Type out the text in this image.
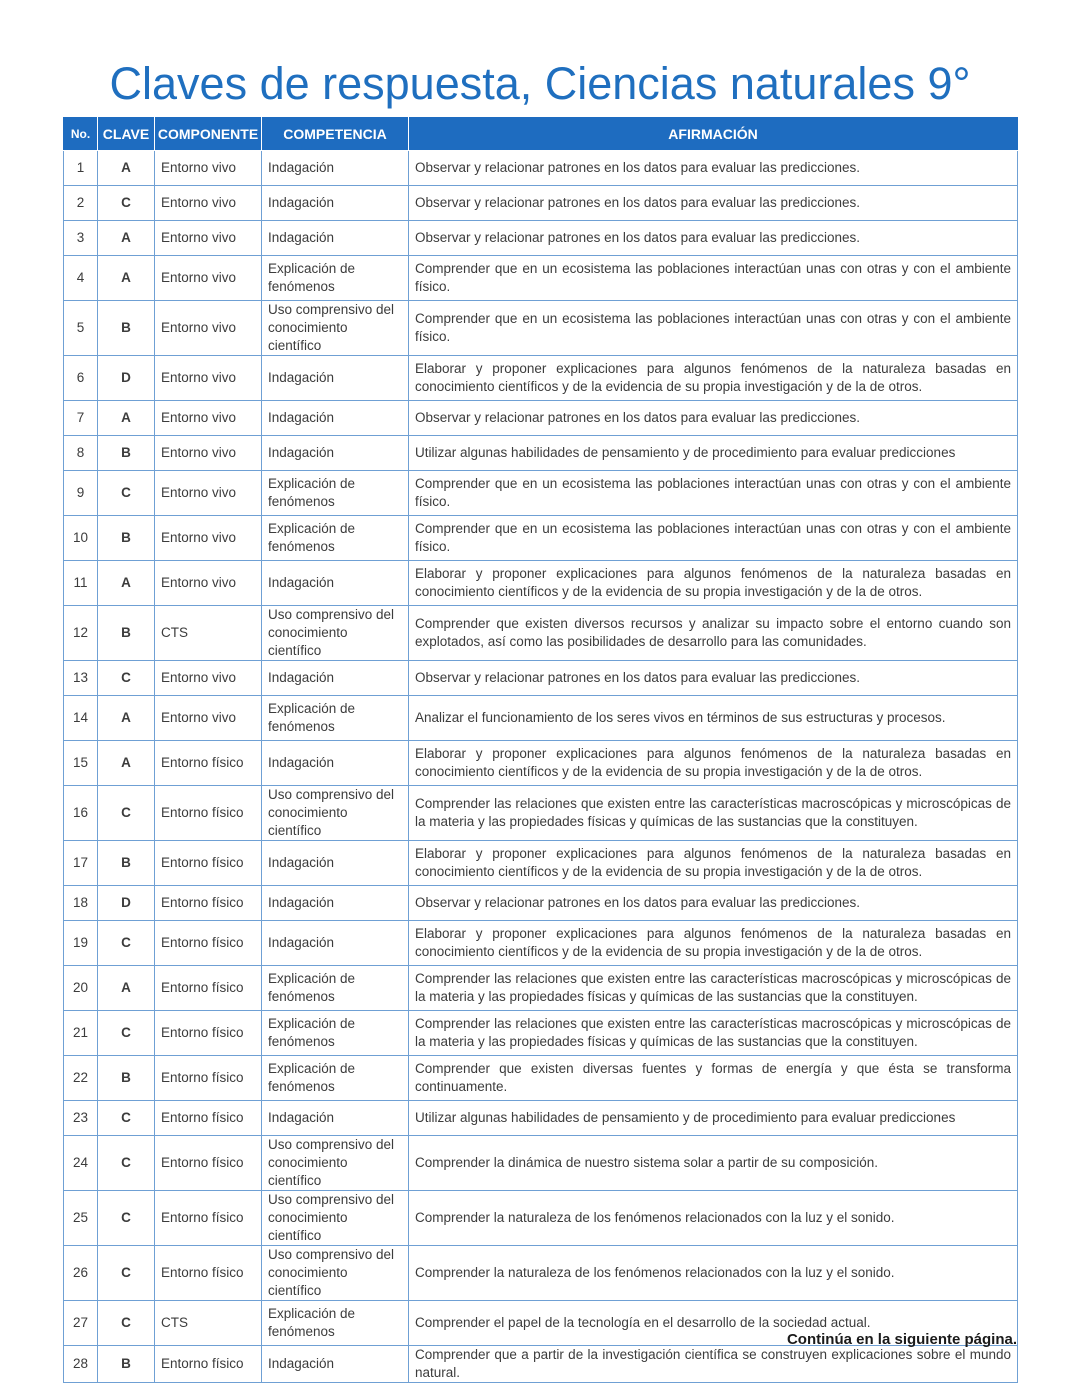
Claves de respuesta, Ciencias naturales 9°
No.	CLAVE	COMPONENTE	COMPETENCIA	AFIRMACIÓN
1	A	Entorno vivo	Indagación	Observar y relacionar patrones en los datos para evaluar las predicciones.
2	C	Entorno vivo	Indagación	Observar y relacionar patrones en los datos para evaluar las predicciones.
3	A	Entorno vivo	Indagación	Observar y relacionar patrones en los datos para evaluar las predicciones.
4	A	Entorno vivo	Explicación de fenómenos	Comprender que en un ecosistema las poblaciones interactúan unas con otras y con el ambiente físico.
5	B	Entorno vivo	Uso comprensivo del conocimiento científico	Comprender que en un ecosistema las poblaciones interactúan unas con otras y con el ambiente físico.
6	D	Entorno vivo	Indagación	Elaborar y proponer explicaciones para algunos fenómenos de la naturaleza basadas en conocimiento científicos y de la evidencia de su propia investigación y de la de otros.
7	A	Entorno vivo	Indagación	Observar y relacionar patrones en los datos para evaluar las predicciones.
8	B	Entorno vivo	Indagación	Utilizar algunas habilidades de pensamiento y de procedimiento para evaluar predicciones
9	C	Entorno vivo	Explicación de fenómenos	Comprender que en un ecosistema las poblaciones interactúan unas con otras y con el ambiente físico.
10	B	Entorno vivo	Explicación de fenómenos	Comprender que en un ecosistema las poblaciones interactúan unas con otras y con el ambiente físico.
11	A	Entorno vivo	Indagación	Elaborar y proponer explicaciones para algunos fenómenos de la naturaleza basadas en conocimiento científicos y de la evidencia de su propia investigación y de la de otros.
12	B	CTS	Uso comprensivo del conocimiento científico	Comprender que existen diversos recursos y analizar su impacto sobre el entorno cuando son explotados, así como las posibilidades de desarrollo para las comunidades.
13	C	Entorno vivo	Indagación	Observar y relacionar patrones en los datos para evaluar las predicciones.
14	A	Entorno vivo	Explicación de fenómenos	Analizar el funcionamiento de los seres vivos en términos de sus estructuras y procesos.
15	A	Entorno físico	Indagación	Elaborar y proponer explicaciones para algunos fenómenos de la naturaleza basadas en conocimiento científicos y de la evidencia de su propia investigación y de la de otros.
16	C	Entorno físico	Uso comprensivo del conocimiento científico	Comprender las relaciones que existen entre las características macroscópicas y microscópicas de la materia y las propiedades físicas y químicas de las sustancias que la constituyen.
17	B	Entorno físico	Indagación	Elaborar y proponer explicaciones para algunos fenómenos de la naturaleza basadas en conocimiento científicos y de la evidencia de su propia investigación y de la de otros.
18	D	Entorno físico	Indagación	Observar y relacionar patrones en los datos para evaluar las predicciones.
19	C	Entorno físico	Indagación	Elaborar y proponer explicaciones para algunos fenómenos de la naturaleza basadas en conocimiento científicos y de la evidencia de su propia investigación y de la de otros.
20	A	Entorno físico	Explicación de fenómenos	Comprender las relaciones que existen entre las características macroscópicas y microscópicas de la materia y las propiedades físicas y químicas de las sustancias que la constituyen.
21	C	Entorno físico	Explicación de fenómenos	Comprender las relaciones que existen entre las características macroscópicas y microscópicas de la materia y las propiedades físicas y químicas de las sustancias que la constituyen.
22	B	Entorno físico	Explicación de fenómenos	Comprender que existen diversas fuentes y formas de energía y que ésta se transforma continuamente.
23	C	Entorno físico	Indagación	Utilizar algunas habilidades de pensamiento y de procedimiento para evaluar predicciones
24	C	Entorno físico	Uso comprensivo del conocimiento científico	Comprender la dinámica de nuestro sistema solar a partir de su composición.
25	C	Entorno físico	Uso comprensivo del conocimiento científico	Comprender la naturaleza de los fenómenos relacionados con la luz y el sonido.
26	C	Entorno físico	Uso comprensivo del conocimiento científico	Comprender la naturaleza de los fenómenos relacionados con la luz y el sonido.
27	C	CTS	Explicación de fenómenos	Comprender el papel de la tecnología en el desarrollo de la sociedad actual.
28	B	Entorno físico	Indagación	Comprender que a partir de la investigación científica se construyen explicaciones sobre el mundo natural.
Continúa en la siguiente página.
